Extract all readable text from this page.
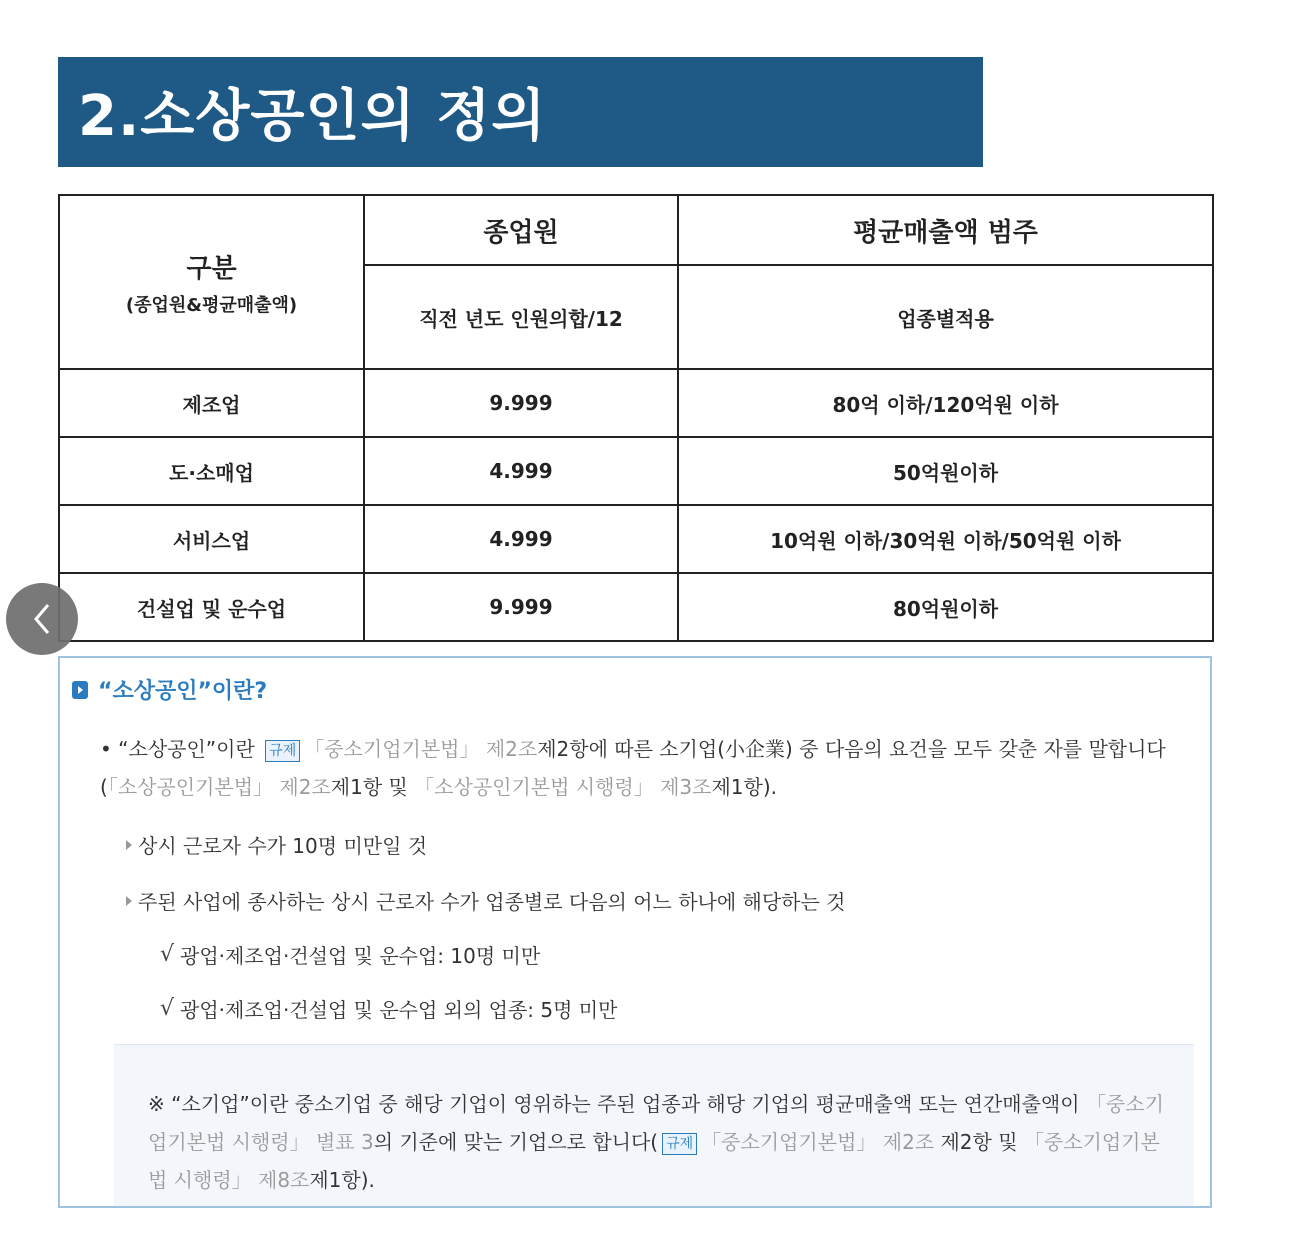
2.소상공인의 정의
구분
(종업원&평균매출액)	종업원	평균매출액 범주
	직전 년도 인원의합/12	업종별적용
제조업	9.999	80억 이하/120억원 이하
도·소매업	4.999	50억원이하
서비스업	4.999	10억원 이하/30억원 이하/50억원 이하
건설업 및 운수업	9.999	80억원이하
“소상공인”이란?
• “소상공인”이란 규제 「중소기업기본법」 제2조제2항에 따른 소기업(小企業) 중 다음의 요건을 모두 갖춘 자를 말합니다(「소상공인기본법」 제2조제1항 및 「소상공인기본법 시행령」 제3조제1항).
상시 근로자 수가 10명 미만일 것
주된 사업에 종사하는 상시 근로자 수가 업종별로 다음의 어느 하나에 해당하는 것
√ 광업·제조업·건설업 및 운수업: 10명 미만
√ 광업·제조업·건설업 및 운수업 외의 업종: 5명 미만
※ “소기업”이란 중소기업 중 해당 기업이 영위하는 주된 업종과 해당 기업의 평균매출액 또는 연간매출액이 「중소기업기본법 시행령」 별표 3의 기준에 맞는 기업으로 합니다( 규제 「중소기업기본법」 제2조 제2항 및 「중소기업기본법 시행령」 제8조제1항).
